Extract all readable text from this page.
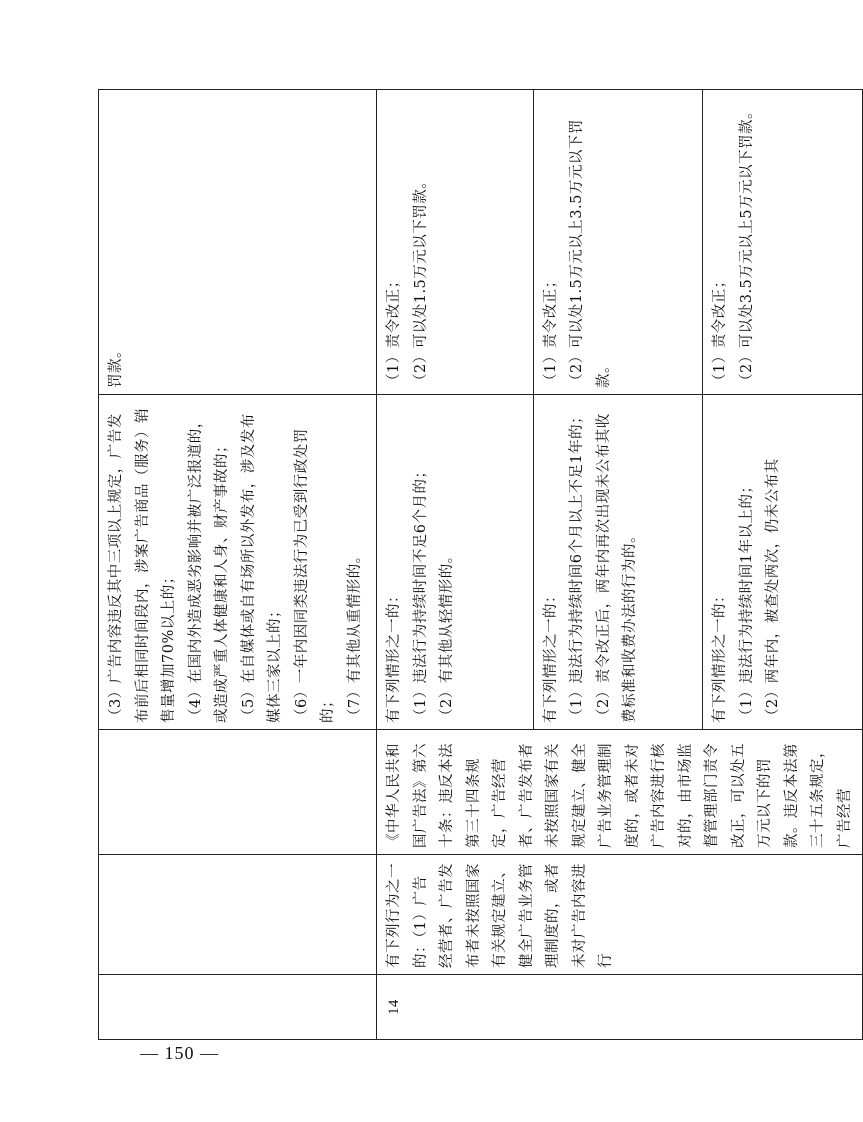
			（3）广告内容违反其中三项以上规定，广告发布前后相同时间段内，涉案广告商品（服务）销售量增加70%以上的；
（4）在国内外造成恶劣影响并被广泛报道的，或造成严重人体健康和人身、财产事故的；
（5）在自媒体或自有场所以外发布，涉及发布媒体三家以上的；
（6）一年内因同类违法行为已受到行政处罚的；
（7）有其他从重情形的。	罚款。
14	有下列行为之一的：（1）广告经营者、广告发布者未按照国家有关规定建立、健全广告业务管理制度的，或者未对广告内容进行	《中华人民共和国广告法》第六十条：违反本法第三十四条规定，广告经营者、广告发布者未按照国家有关规定建立、健全广告业务管理制度的，或者未对广告内容进行核对的，由市场监督管理部门责令改正，可以处五万元以下的罚款。违反本法第三十五条规定，广告经营	有下列情形之一的：
（1）违法行为持续时间不足6个月的；
（2）有其他从轻情形的。	（1）责令改正；
（2）可以处1.5万元以下罚款。
			有下列情形之一的：
（1）违法行为持续时间6个月以上不足1年的；
（2）责令改正后，两年内再次出现未公布其收费标准和收费办法的行为的。	（1）责令改正；
（2）可以处1.5万元以上3.5万元以下罚款。
			有下列情形之一的：
（1）违法行为持续时间1年以上的；
（2）两年内，被查处两次，仍未公布其	（1）责令改正；
（2）可以处3.5万元以上5万元以下罚款。
— 150 —
